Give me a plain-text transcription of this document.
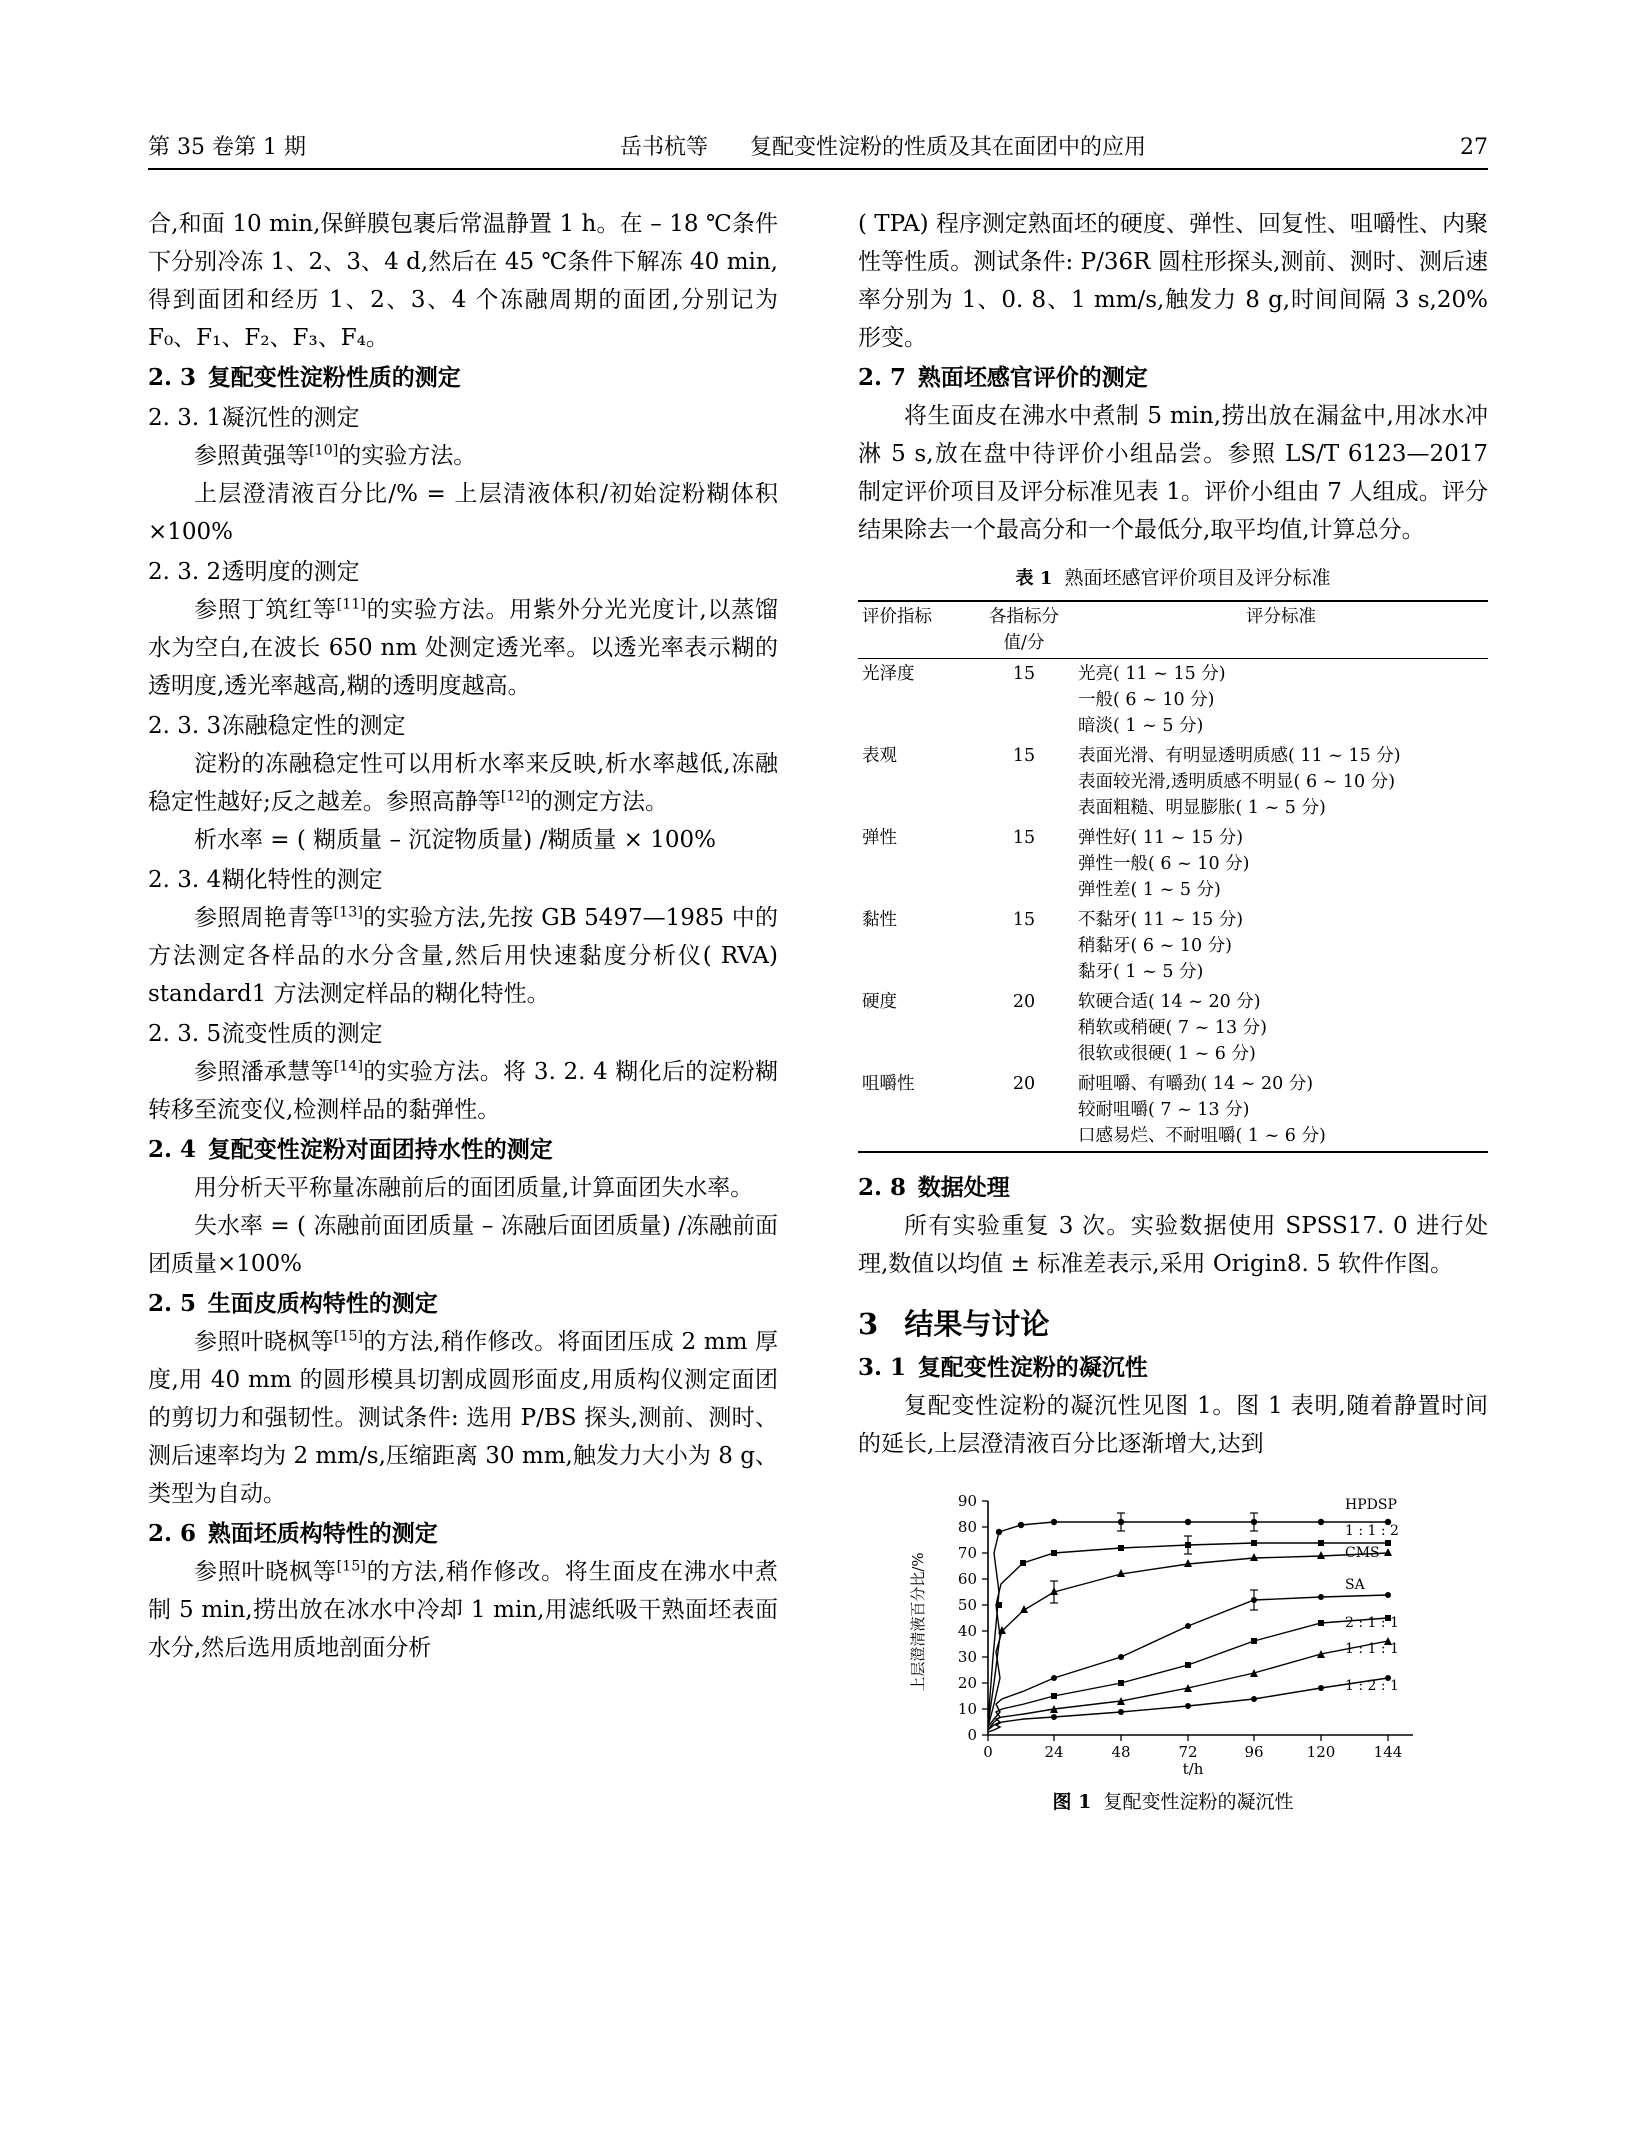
第 35 卷第 1 期	岳书杭等 复配变性淀粉的性质及其在面团中的应用	27

合,和面 10 min,保鲜膜包裹后常温静置 1 h。在 – 18 ℃条件下分别冷冻 1、2、3、4 d,然后在 45 ℃条件下解冻 40 min,得到面团和经历 1、2、3、4 个冻融周期的面团,分别记为 F₀、F₁、F₂、F₃、F₄。

2. 3 复配变性淀粉性质的测定

2. 3. 1凝沉性的测定

参照黄强等[10]的实验方法。

上层澄清液百分比/% = 上层清液体积/初始淀粉糊体积×100%

2. 3. 2透明度的测定

参照丁筑红等[11]的实验方法。用紫外分光光度计,以蒸馏水为空白,在波长 650 nm 处测定透光率。以透光率表示糊的透明度,透光率越高,糊的透明度越高。

2. 3. 3冻融稳定性的测定

淀粉的冻融稳定性可以用析水率来反映,析水率越低,冻融稳定性越好;反之越差。参照高静等[12]的测定方法。

析水率 = ( 糊质量 – 沉淀物质量) /糊质量 × 100%

2. 3. 4糊化特性的测定

参照周艳青等[13]的实验方法,先按 GB 5497—1985 中的方法测定各样品的水分含量,然后用快速黏度分析仪( RVA) standard1 方法测定样品的糊化特性。

2. 3. 5流变性质的测定

参照潘承慧等[14]的实验方法。将 3. 2. 4 糊化后的淀粉糊转移至流变仪,检测样品的黏弹性。

2. 4 复配变性淀粉对面团持水性的测定

用分析天平称量冻融前后的面团质量,计算面团失水率。

失水率 = ( 冻融前面团质量 – 冻融后面团质量) /冻融前面团质量×100%

2. 5 生面皮质构特性的测定

参照叶晓枫等[15]的方法,稍作修改。将面团压成 2 mm 厚度,用 40 mm 的圆形模具切割成圆形面皮,用质构仪测定面团的剪切力和强韧性。测试条件: 选用 P/BS 探头,测前、测时、测后速率均为 2 mm/s,压缩距离 30 mm,触发力大小为 8 g、类型为自动。

2. 6 熟面坯质构特性的测定

参照叶晓枫等[15]的方法,稍作修改。将生面皮在沸水中煮制 5 min,捞出放在冰水中冷却 1 min,用滤纸吸干熟面坯表面水分,然后选用质地剖面分析

( TPA) 程序测定熟面坯的硬度、弹性、回复性、咀嚼性、内聚性等性质。测试条件: P/36R 圆柱形探头,测前、测时、测后速率分别为 1、0. 8、1 mm/s,触发力 8 g,时间间隔 3 s,20% 形变。

2. 7 熟面坯感官评价的测定

将生面皮在沸水中煮制 5 min,捞出放在漏盆中,用冰水冲淋 5 s,放在盘中待评价小组品尝。参照 LS/T 6123—2017 制定评价项目及评分标准见表 1。评价小组由 7 人组成。评分结果除去一个最高分和一个最低分,取平均值,计算总分。

表 1 熟面坯感官评价项目及评分标准
评价指标	各指标分值/分	评分标准
光泽度	15	光亮( 11 ~ 15 分)
一般( 6 ~ 10 分)
暗淡( 1 ~ 5 分)

表观	15	表面光滑、有明显透明质感( 11 ~ 15 分)
表面较光滑,透明质感不明显( 6 ~ 10 分)
表面粗糙、明显膨胀( 1 ~ 5 分)

弹性	15	弹性好( 11 ~ 15 分)
弹性一般( 6 ~ 10 分)
弹性差( 1 ~ 5 分)

黏性	15	不黏牙( 11 ~ 15 分)
稍黏牙( 6 ~ 10 分)
黏牙( 1 ~ 5 分)

硬度	20	软硬合适( 14 ~ 20 分)
稍软或稍硬( 7 ~ 13 分)
很软或很硬( 1 ~ 6 分)

咀嚼性	20	耐咀嚼、有嚼劲( 14 ~ 20 分)
较耐咀嚼( 7 ~ 13 分)
口感易烂、不耐咀嚼( 1 ~ 6 分)

2. 8 数据处理

所有实验重复 3 次。实验数据使用 SPSS17. 0 进行处理,数值以均值 ± 标准差表示,采用 Origin8. 5 软件作图。

3 结果与讨论

3. 1 复配变性淀粉的凝沉性

复配变性淀粉的凝沉性见图 1。图 1 表明,随着静置时间的延长,上层澄清液百分比逐渐增大,达到

0
10
20
30
40
50
60
70
80
90
0	24	48	72	96	120	144
t/h
上层澄清液百分比/%
HPDSP
1 : 1 : 2
CMS
SA
2 : 1 : 1
1 : 1 : 1
1 : 2 : 1
图 1 复配变性淀粉的凝沉性
